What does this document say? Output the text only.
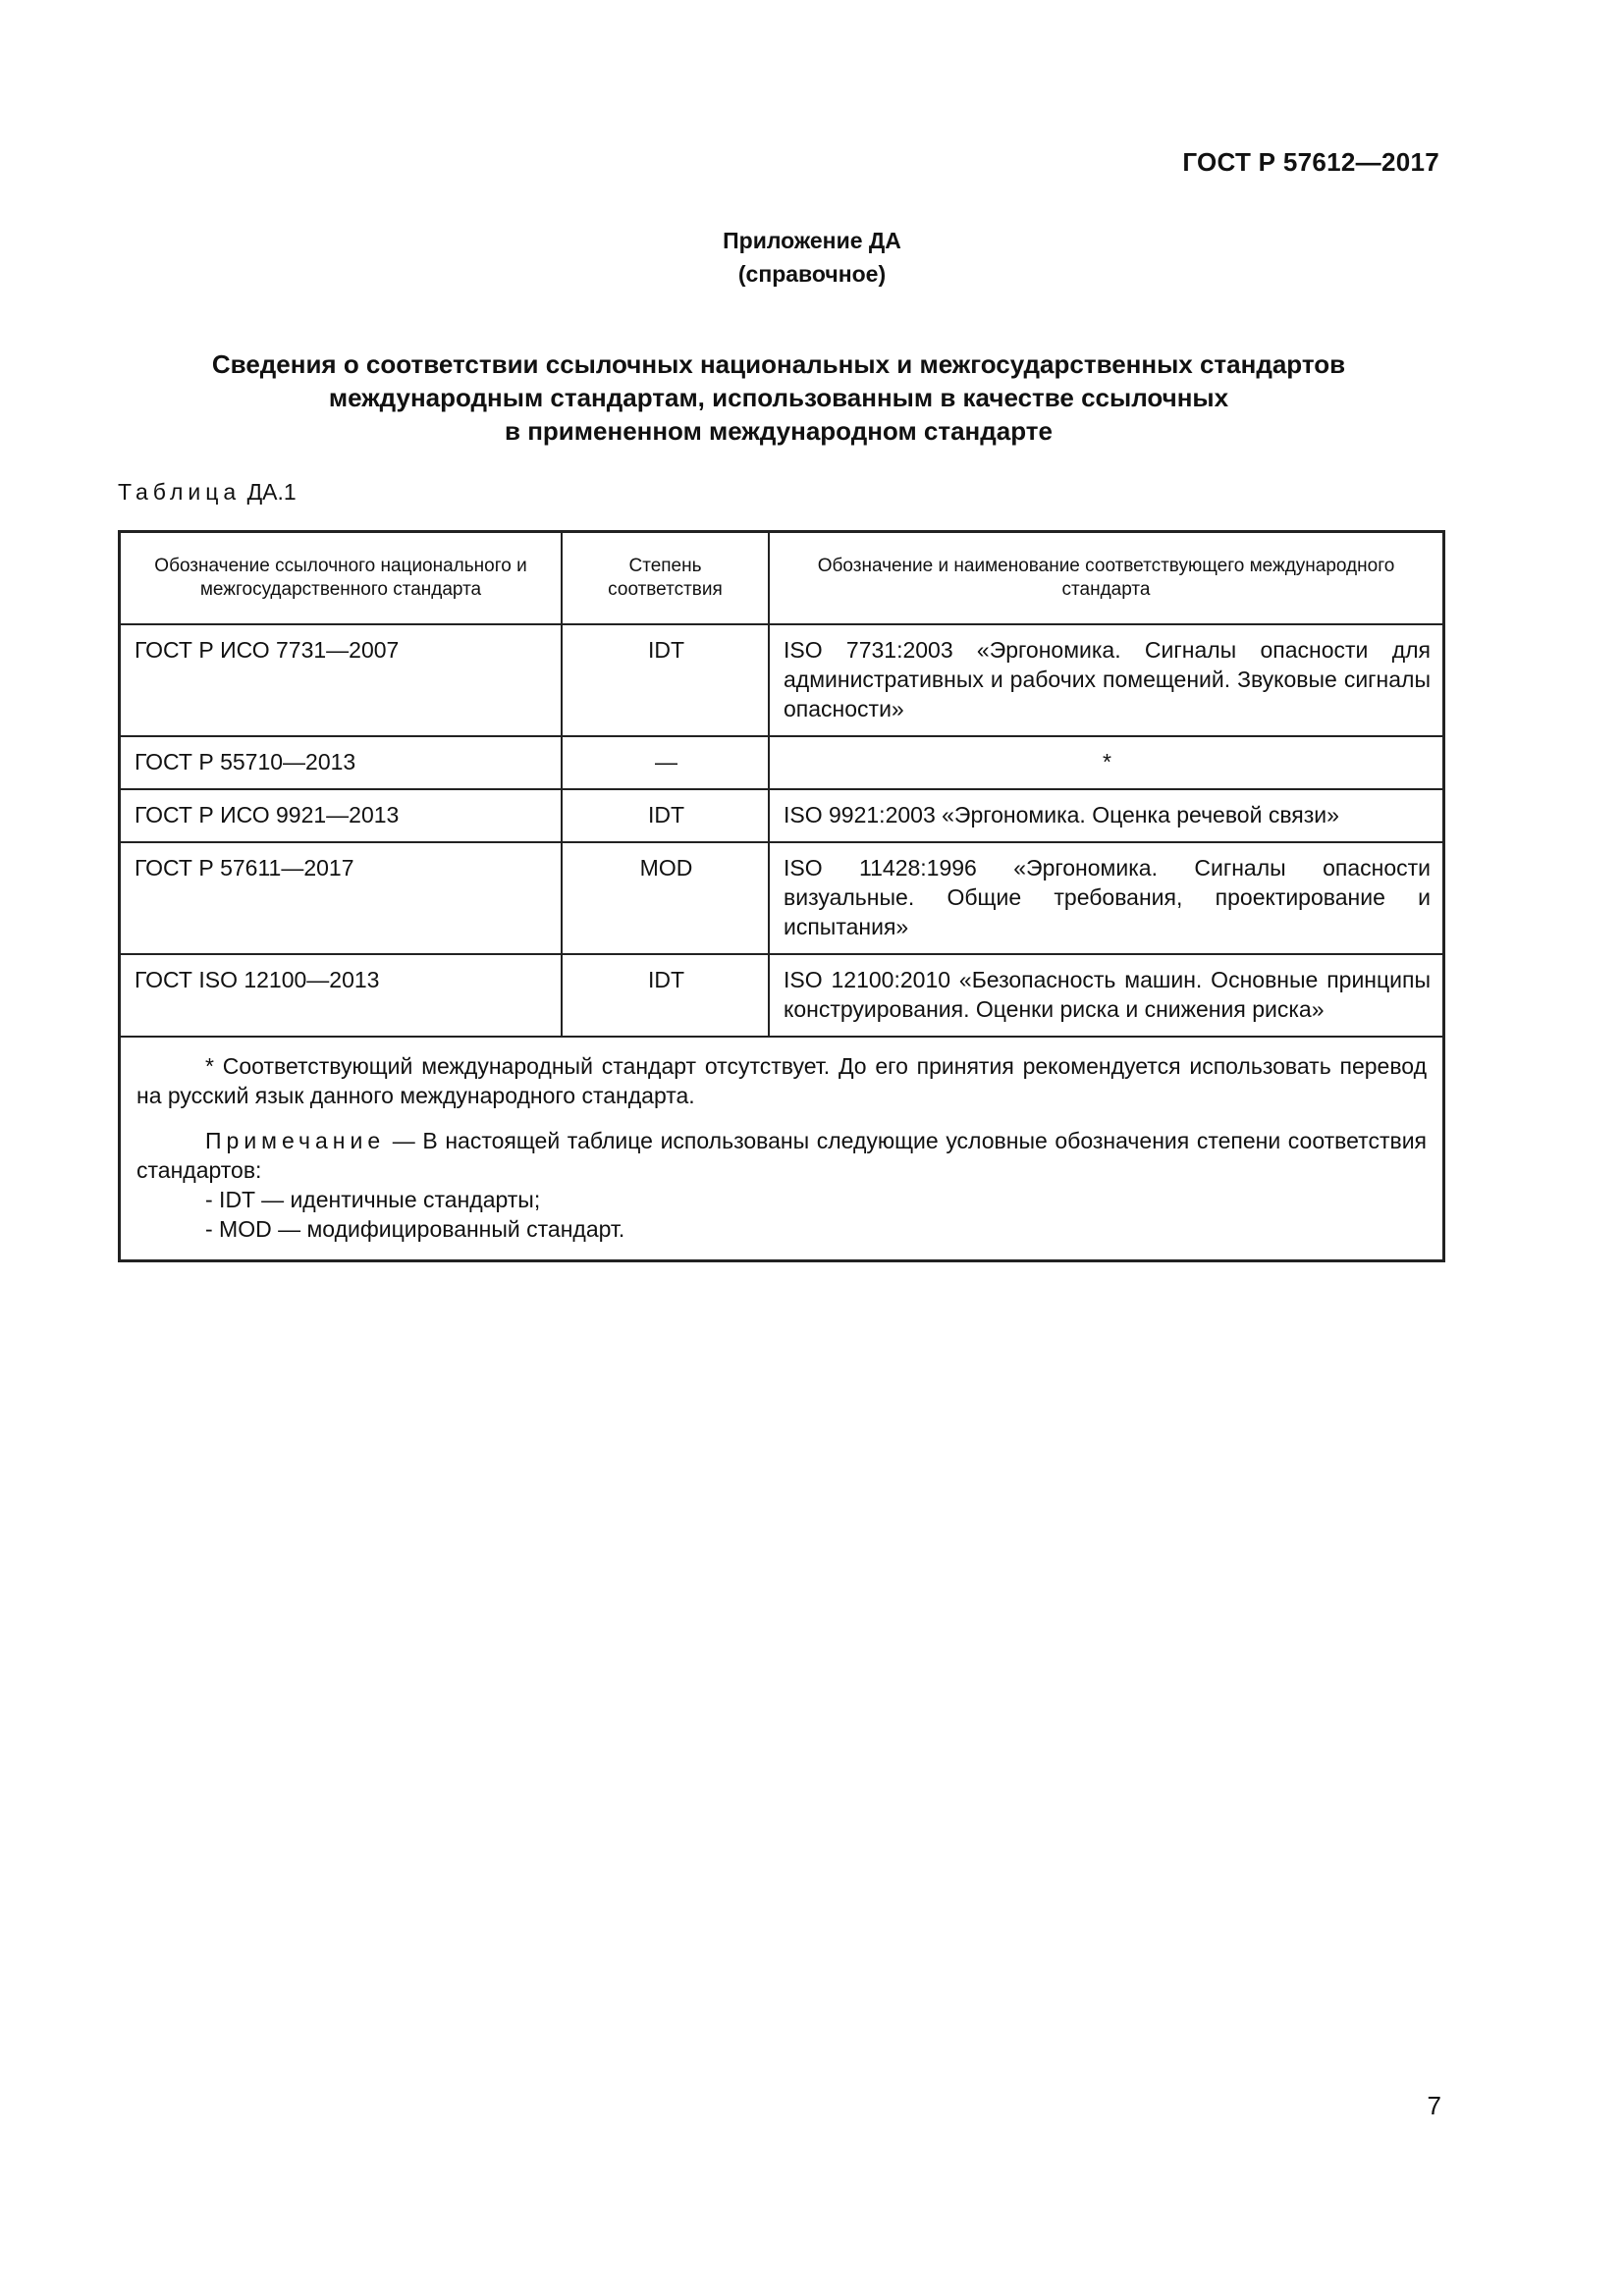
ГОСТ Р 57612—2017
Приложение ДА
(справочное)
Сведения о соответствии ссылочных национальных и межгосударственных стандартов
международным стандартам, использованным в качестве ссылочных
в примененном международном стандарте
Таблица ДА.1
Обозначение ссылочного национального и межгосударственного стандарта	Степень соответствия	Обозначение и наименование соответствующего международного стандарта
ГОСТ Р ИСО 7731—2007	IDT	ISO 7731:2003 «Эргономика. Сигналы опасности для административных и рабочих помещений. Звуковые сигналы опасности»
ГОСТ Р 55710—2013	—	*
ГОСТ Р ИСО 9921—2013	IDT	ISO 9921:2003 «Эргономика. Оценка речевой связи»
ГОСТ Р 57611—2017	MOD	ISO 11428:1996 «Эргономика. Сигналы опасности визуальные. Общие требования, проектирование и испытания»
ГОСТ ISO 12100—2013	IDT	ISO 12100:2010 «Безопасность машин. Основные принципы конструирования. Оценки риска и снижения риска»

* Соответствующий международный стандарт отсутствует. До его принятия рекомендуется использовать перевод на русский язык данного международного стандарта.

Примечание — В настоящей таблице использованы следующие условные обозначения степени соответствия стандартов:

- IDT — идентичные стандарты;

- MOD — модифицированный стандарт.		

7
